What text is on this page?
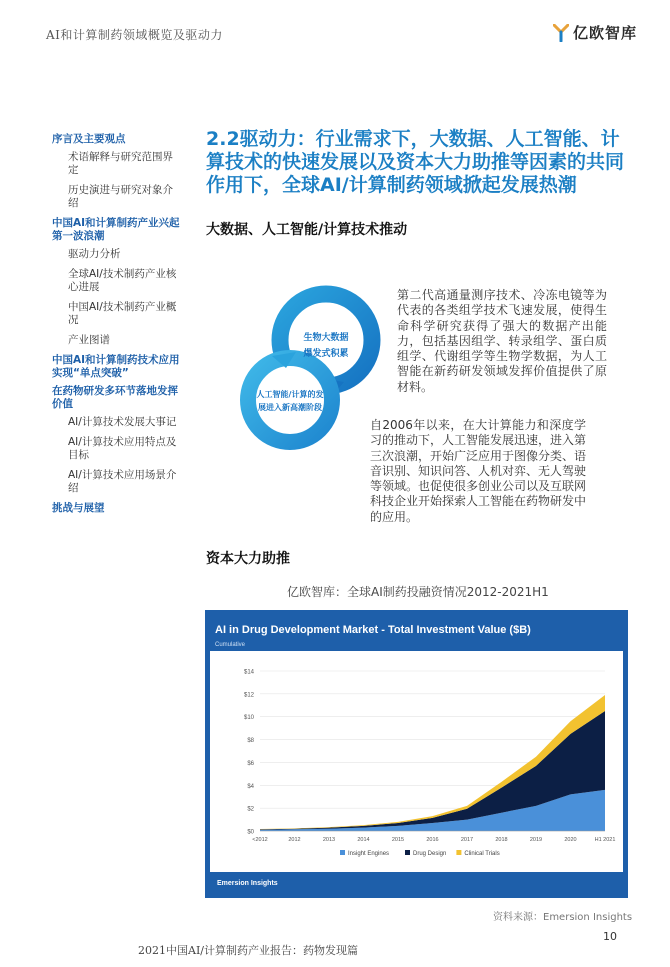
AI和计算制药领域概览及驱动力	亿欧智库
序言及主要观点
术语解释与研究范围界定
历史演进与研究对象介绍
中国AI和计算制药产业兴起第一波浪潮
驱动力分析
全球AI/技术制药产业核心进展
中国AI/技术制药产业概况
产业图谱
中国AI和计算制药技术应用实现“单点突破”
在药物研发多环节落地发挥价值
AI/计算技术发展大事记
AI/计算技术应用特点及目标
AI/计算技术应用场景介绍
挑战与展望
2.2驱动力：行业需求下，大数据、人工智能、计算技术的快速发展以及资本大力助推等因素的共同作用下，全球AI/计算制药领域掀起发展热潮
大数据、人工智能/计算技术推动
生物大数据
爆发式积累
人工智能/计算的发
展进入新高潮阶段
第二代高通量测序技术、冷冻电镜等为代表的各类组学技术飞速发展，使得生命科学研究获得了强大的数据产出能力，包括基因组学、转录组学、蛋白质组学、代谢组学等生物学数据，为人工智能在新药研发领域发挥价值提供了原材料。
自2006年以来，在大计算能力和深度学习的推动下，人工智能发展迅速，进入第三次浪潮，开始广泛应用于图像分类、语音识别、知识问答、人机对弈、无人驾驶等领域。也促使很多创业公司以及互联网科技企业开始探索人工智能在药物研发中的应用。
资本大力助推
亿欧智库：全球AI制药投融资情况2012-2021H1
AI in Drug Development Market - Total Investment Value ($B)
Cumulative
$0
$2
$4
$6
$8
$10
$12
$14
<2012	2012	2013	2014	2015	2016	2017	2018	2019	2020	H1 2021
Insight Engines	Drug Design	Clinical Trials
Emersion Insights
资料来源：Emersion Insights
10
2021中国AI/计算制药产业报告：药物发现篇
